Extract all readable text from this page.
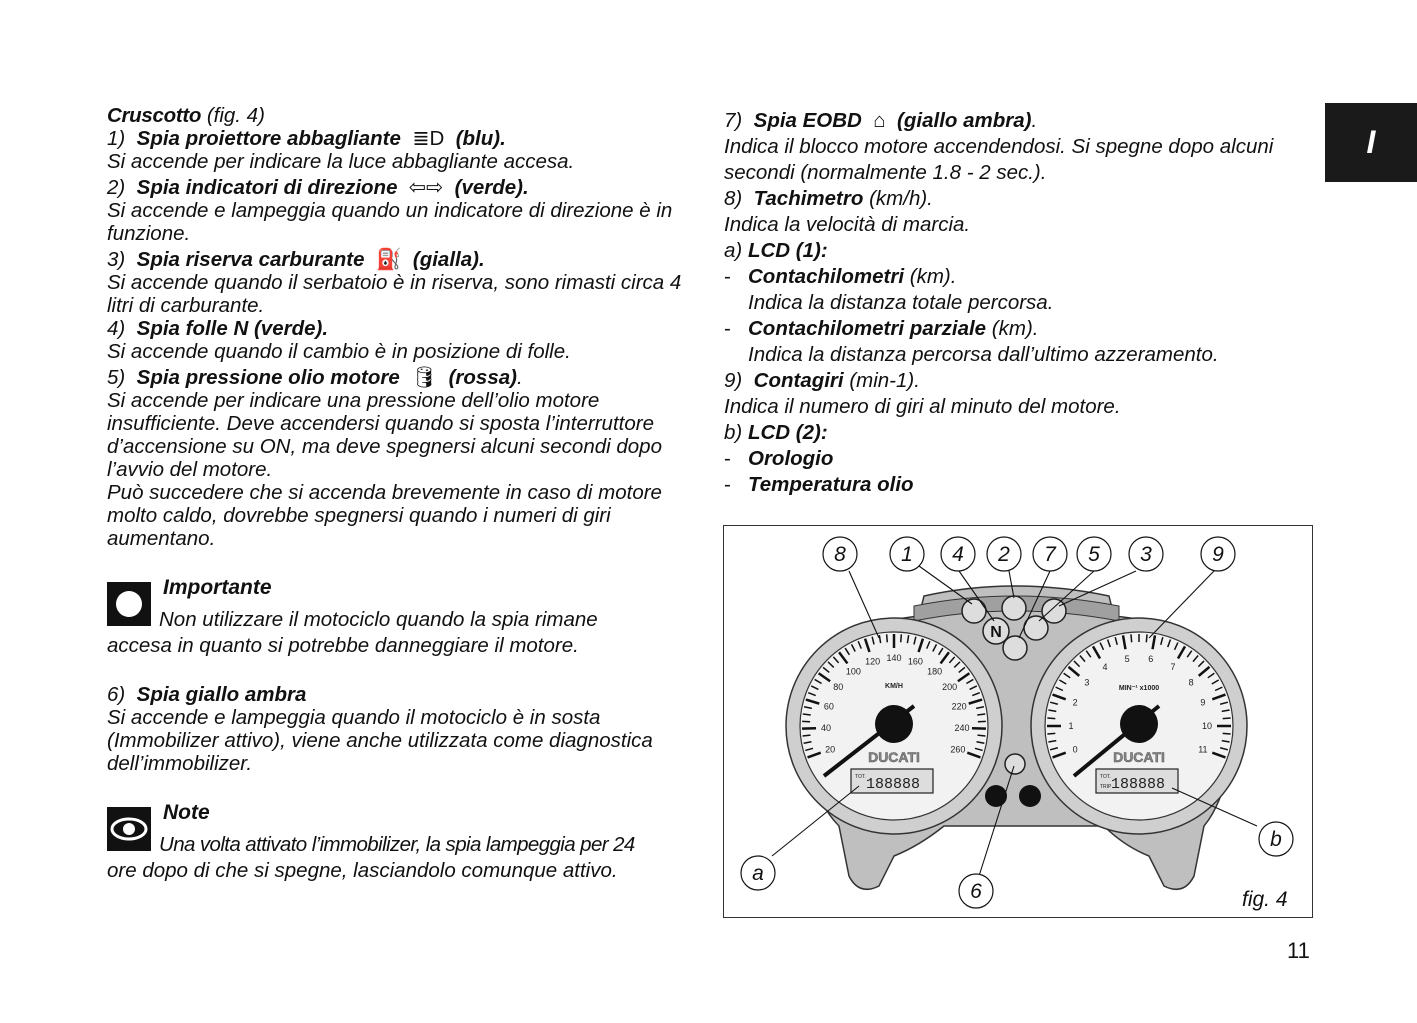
I

Cruscotto (fig. 4)

1) Spia proiettore abbagliante  ≣D  (blu).

Si accende per indicare la luce abbagliante accesa.

2) Spia indicatori di direzione  ⇦⇨  (verde).

Si accende e lampeggia quando un indicatore di direzione è in funzione.

3) Spia riserva carburante  ⛽  (gialla).

Si accende quando il serbatoio è in riserva, sono rimasti circa 4 litri di carburante.

4) Spia folle N (verde).

Si accende quando il cambio è in posizione di folle.

5) Spia pressione olio motore  🛢  (rossa).

Si accende per indicare una pressione dell’olio motore insufficiente. Deve accendersi quando si sposta l’interruttore d’accensione su ON, ma deve spegnersi alcuni secondi dopo l’avvio del motore.

Può succedere che si accenda brevemente in caso di motore molto caldo, dovrebbe spegnersi quando i numeri di giri aumentano.

Importante

Non utilizzare il motociclo quando la spia rimane

accesa in quanto si potrebbe danneggiare il motore.

6) Spia giallo ambra

Si accende e lampeggia quando il motociclo è in sosta (Immobilizer attivo), viene anche utilizzata come diagnostica dell’immobilizer.

Note

Una volta attivato l’immobilizer, la spia lampeggia per 24

ore dopo di che si spegne, lasciandolo comunque attivo.

7) Spia EOBD  ⌂  (giallo ambra).

Indica il blocco motore accendendosi. Si spegne dopo alcuni secondi (normalmente 1.8 - 2 sec.).

8) Tachimetro (km/h).

Indica la velocità di marcia.

a) LCD (1):

- Contachilometri (km).

Indica la distanza totale percorsa.

- Contachilometri parziale (km).

Indica la distanza percorsa dall’ultimo azzeramento.

9) Contagiri (min-1).

Indica il numero di giri al minuto del motore.

b) LCD (2):

- Orologio

- Temperatura olio

20
40
60
80
100
120 140 160
180
200
220
240
260
KM/H
DUCATI
TOT. 188888
0
1
2
3
4
5 6
7
8
9
10
11
MIN⁻¹ x1000
DUCATI
TOT.
TRIP 188888
N
8	1 4 2 7 5 3	9
a
b
6	fig. 4
11
